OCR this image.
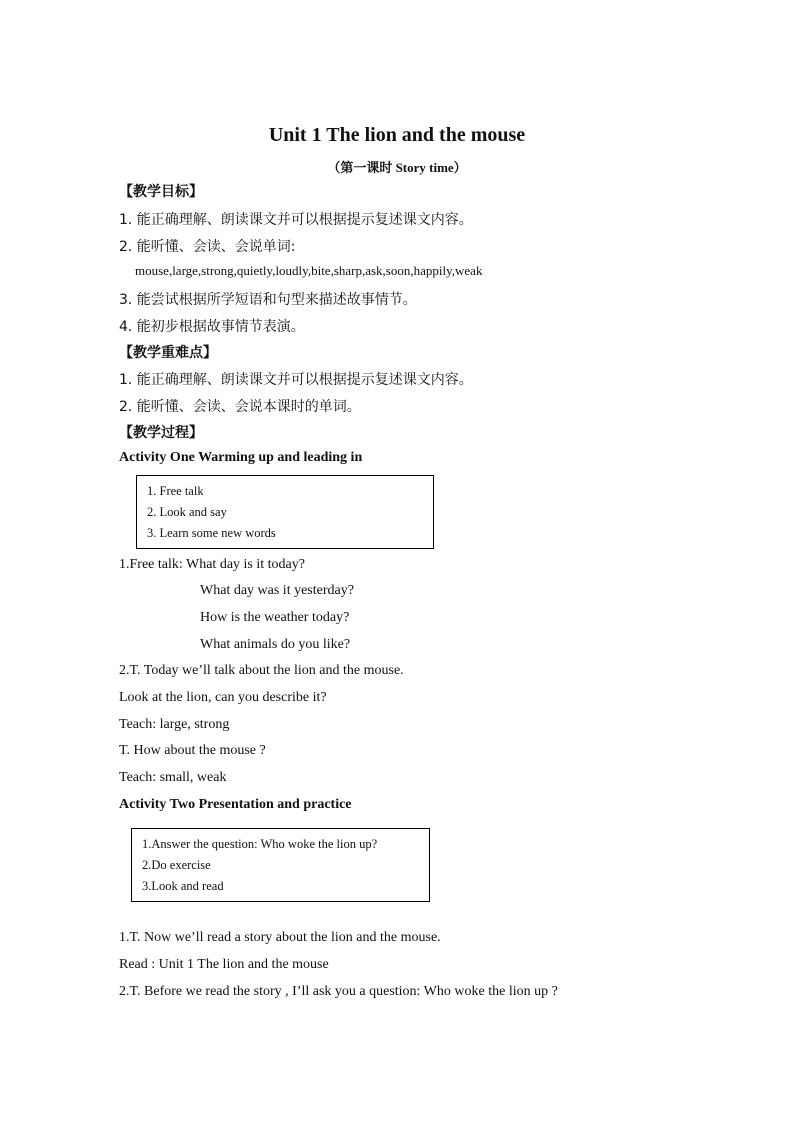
Unit 1 The lion and the mouse
（第一课时 Story time）
【教学目标】
1. 能正确理解、朗读课文并可以根据提示复述课文内容。
2. 能听懂、会读、会说单词:
mouse,large,strong,quietly,loudly,bite,sharp,ask,soon,happily,weak
3. 能尝试根据所学短语和句型来描述故事情节。
4. 能初步根据故事情节表演。
【教学重难点】
1. 能正确理解、朗读课文并可以根据提示复述课文内容。
2. 能听懂、会读、会说本课时的单词。
【教学过程】
Activity One Warming up and leading in
1. Free talk
2. Look and say
3. Learn some new words
1.Free talk: What day is it today?
What day was it yesterday?
How is the weather today?
What animals do you like?
2.T. Today we’ll talk about the lion and the mouse.
Look at the lion, can you describe it?
Teach: large, strong
T. How about the mouse ?
Teach: small, weak
Activity Two Presentation and practice
1.Answer the question: Who woke the lion up?
2.Do exercise
3.Look and read
1.T. Now we’ll read a story about the lion and the mouse.
Read : Unit 1 The lion and the mouse
2.T. Before we read the story , I’ll ask you a question: Who woke the lion up ?
